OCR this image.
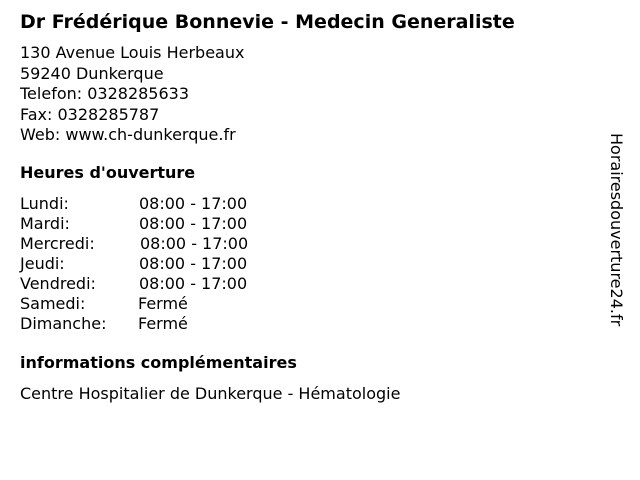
Dr Frédérique Bonnevie - Medecin Generaliste
130 Avenue Louis Herbeaux
59240 Dunkerque
Telefon: 0328285633
Fax: 0328285787
Web: www.ch-dunkerque.fr
Heures d'ouverture
Lundi:	08:00 - 17:00
Mardi:	08:00 - 17:00
Mercredi:	08:00 - 17:00
Jeudi:	08:00 - 17:00
Vendredi:	08:00 - 17:00
Samedi:	Fermé
Dimanche: Fermé
informations complémentaires
Centre Hospitalier de Dunkerque - Hématologie
Horairesdouverture24.fr
